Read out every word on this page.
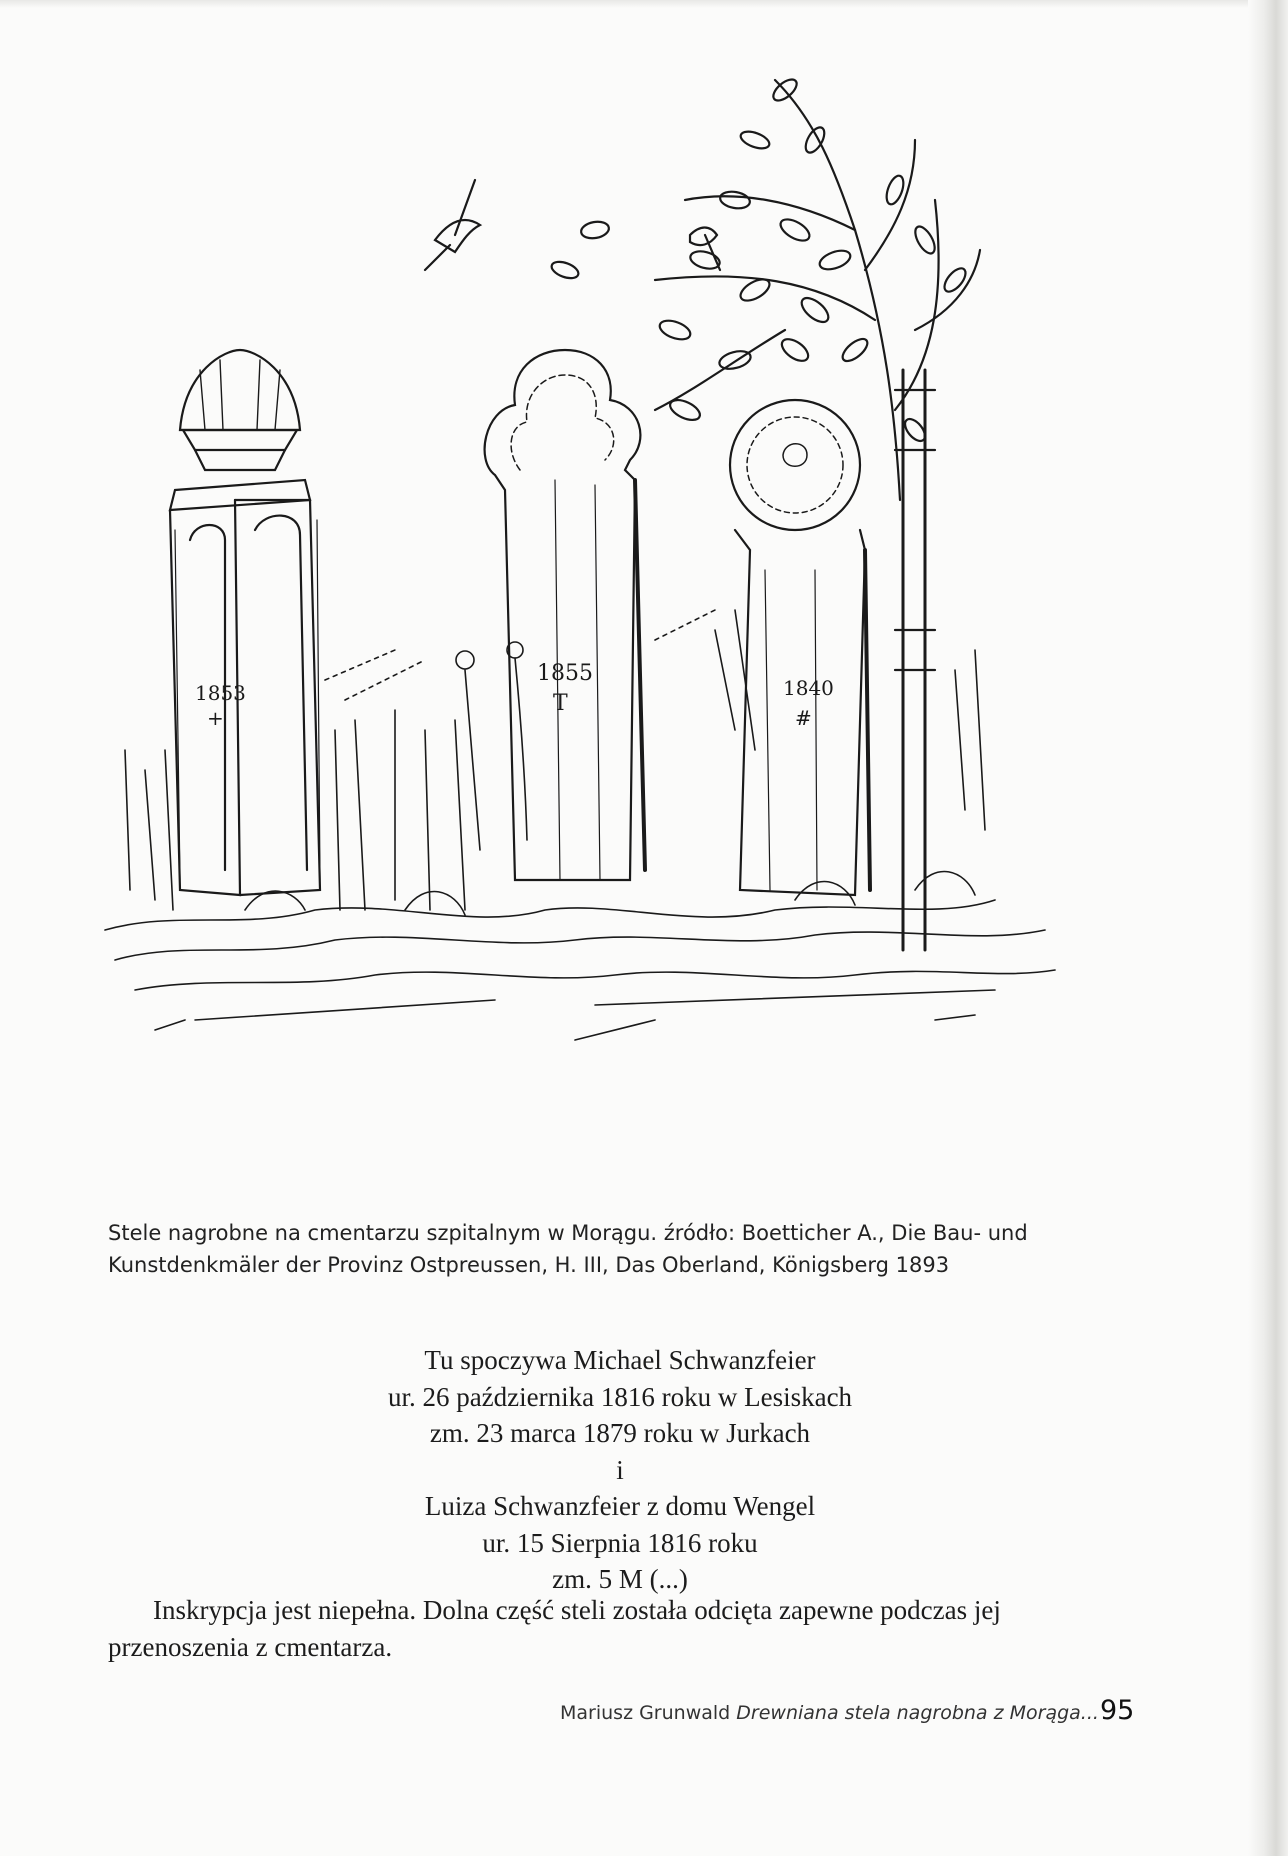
1853
+
1855
T
1840
#
Stele nagrobne na cmentarzu szpitalnym w Morągu. źródło: Boetticher A., Die Bau- und
Kunstdenkmäler der Provinz Ostpreussen, H. III, Das Oberland, Königsberg 1893
Tu spoczywa Michael Schwanzfeier
ur. 26 października 1816 roku w Lesiskach
zm. 23 marca 1879 roku w Jurkach
i
Luiza Schwanzfeier z domu Wengel
ur. 15 Sierpnia 1816 roku
zm. 5 M (...)
Inskrypcja jest niepełna. Dolna część steli została odcięta zapewne podczas jej
przenoszenia z cmentarza.
Mariusz Grunwald Drewniana stela nagrobna z Morąga... 95
